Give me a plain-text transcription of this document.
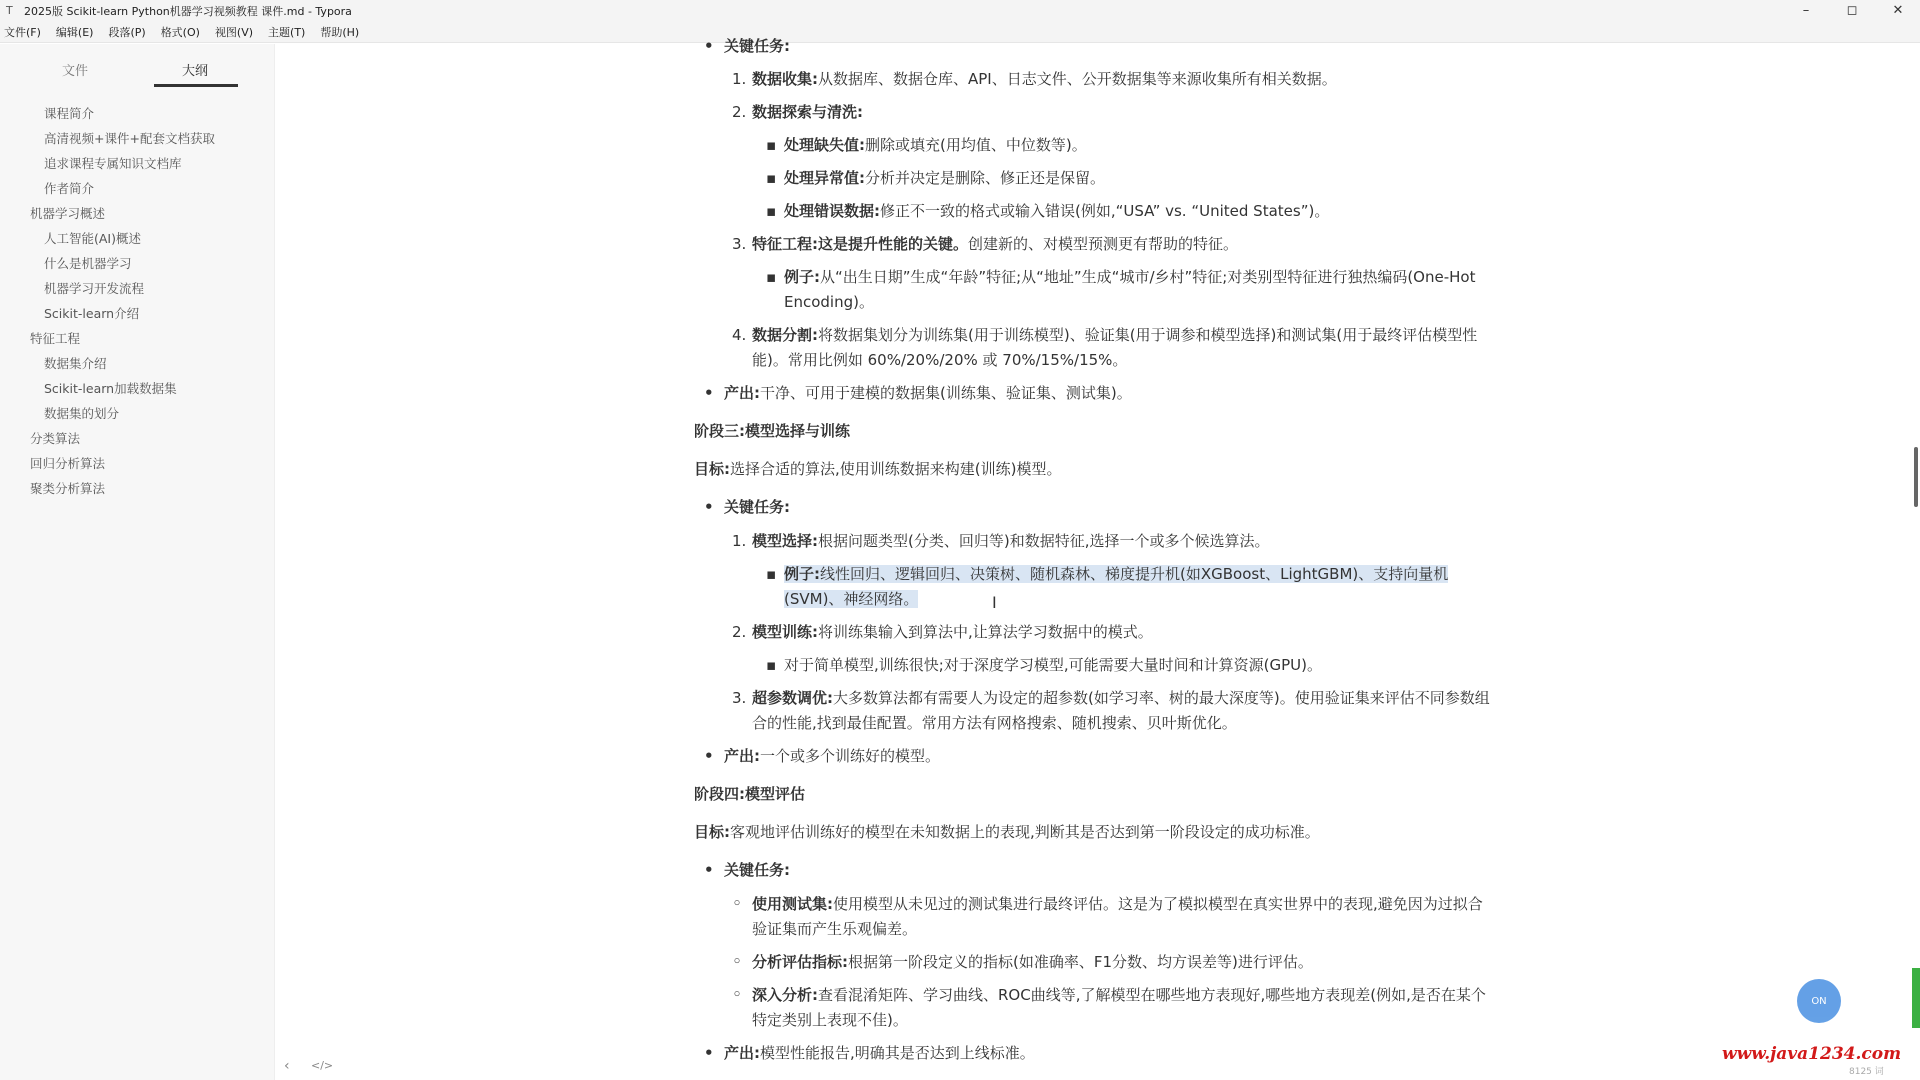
T	2025版 Scikit-learn Python机器学习视频教程 课件.md - Typora	–	◻	✕
文件(F) 编辑(E) 段落(P) 格式(O) 视图(V) 主题(T) 帮助(H)
文件	大纲
课程简介
高清视频+课件+配套文档获取
追求课程专属知识文档库
作者简介
机器学习概述
人工智能(AI)概述
什么是机器学习
机器学习开发流程
Scikit-learn介绍
特征工程
数据集介绍
Scikit-learn加载数据集
数据集的划分
分类算法
回归分析算法
聚类分析算法
‹ </>
• 关键任务:
1. 数据收集:从数据库、数据仓库、API、日志文件、公开数据集等来源收集所有相关数据。
2. 数据探索与清洗:
▪ 处理缺失值:删除或填充(用均值、中位数等)。
▪ 处理异常值:分析并决定是删除、修正还是保留。
▪ 处理错误数据:修正不一致的格式或输入错误(例如,“USA” vs. “United States”)。
3. 特征工程:这是提升性能的关键。创建新的、对模型预测更有帮助的特征。
▪ 例子:从“出生日期”生成“年龄”特征;从“地址”生成“城市/乡村”特征;对类别型特征进行独热编码(One-Hot Encoding)。
4. 数据分割:将数据集划分为训练集(用于训练模型)、验证集(用于调参和模型选择)和测试集(用于最终评估模型性能)。常用比例如 60%/20%/20% 或 70%/15%/15%。
• 产出:干净、可用于建模的数据集(训练集、验证集、测试集)。
阶段三:模型选择与训练
目标:选择合适的算法,使用训练数据来构建(训练)模型。
• 关键任务:
1. 模型选择:根据问题类型(分类、回归等)和数据特征,选择一个或多个候选算法。
▪ 例子:线性回归、逻辑回归、决策树、随机森林、梯度提升机(如XGBoost、LightGBM)、支持向量机(SVM)、神经网络。
2. 模型训练:将训练集输入到算法中,让算法学习数据中的模式。
▪ 对于简单模型,训练很快;对于深度学习模型,可能需要大量时间和计算资源(GPU)。
3. 超参数调优:大多数算法都有需要人为设定的超参数(如学习率、树的最大深度等)。使用验证集来评估不同参数组合的性能,找到最佳配置。常用方法有网格搜索、随机搜索、贝叶斯优化。
• 产出:一个或多个训练好的模型。
阶段四:模型评估
目标:客观地评估训练好的模型在未知数据上的表现,判断其是否达到第一阶段设定的成功标准。
• 关键任务:
◦ 使用测试集:使用模型从未见过的测试集进行最终评估。这是为了模拟模型在真实世界中的表现,避免因为过拟合验证集而产生乐观偏差。
◦ 分析评估指标:根据第一阶段定义的指标(如准确率、F1分数、均方误差等)进行评估。
◦ 深入分析:查看混淆矩阵、学习曲线、ROC曲线等,了解模型在哪些地方表现好,哪些地方表现差(例如,是否在某个特定类别上表现不佳)。
• 产出:模型性能报告,明确其是否达到上线标准。
I
ON
www.java1234.com
8125 词
